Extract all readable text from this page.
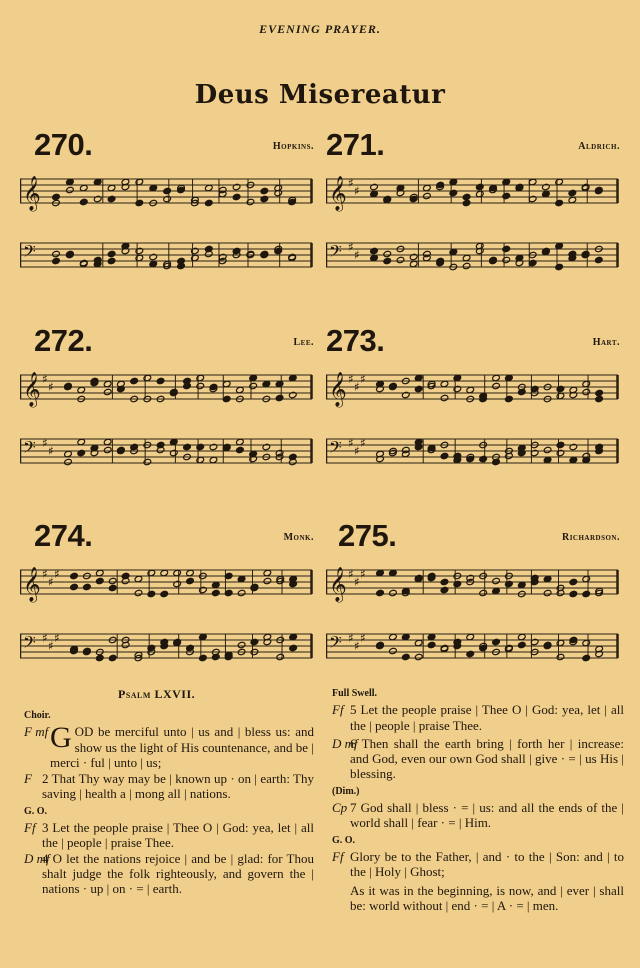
EVENING PRAYER.
Deus Misereatur
270.	Hopkins.
𝄞
𝄢
271.	Aldrich.
𝄞 ♯
♯
𝄢 ♯
♯
272.	Lee.
𝄞 ♯
♯
𝄢 ♯
♯
273.	Hart.
𝄞 ♯
♯
♯
𝄢 ♯
♯
♯
274.	Monk.
𝄞 ♯
♯
♯
𝄢 ♯
♯
♯
275.	Richardson.
𝄞 ♯
♯
♯
𝄢 ♯
♯
♯
Psalm LXVII.
Choir.
F mf G OD be merciful unto | us and | bless us: and show us the light of His countenance, and be | merci · ful | unto | us;
F 2 That Thy way may be | known up · on | earth: Thy saving | health a | mong all | nations.
G. O.
Ff 3 Let the people praise | Thee O | God: yea, let | all the | people | praise Thee.
D mf
4 O let the nations rejoice | and be | glad: for Thou shalt judge the folk righteously, and govern the | nations · up | on · = | earth.
Full Swell.
Ff 5 Let the people praise | Thee O | God: yea, let | all the | people | praise Thee.
D mf
6 Then shall the earth bring | forth her | increase: and God, even our own God shall | give · = | us His | blessing.
(Dim.)
Cp 7 God shall | bless · = | us: and all the ends of the | world shall | fear · = | Him.
G. O.
Ff Glory be to the Father, | and · to the | Son: and | to the | Holy | Ghost;
As it was in the beginning, is now, and | ever | shall be: world without | end · = | A · = | men.
